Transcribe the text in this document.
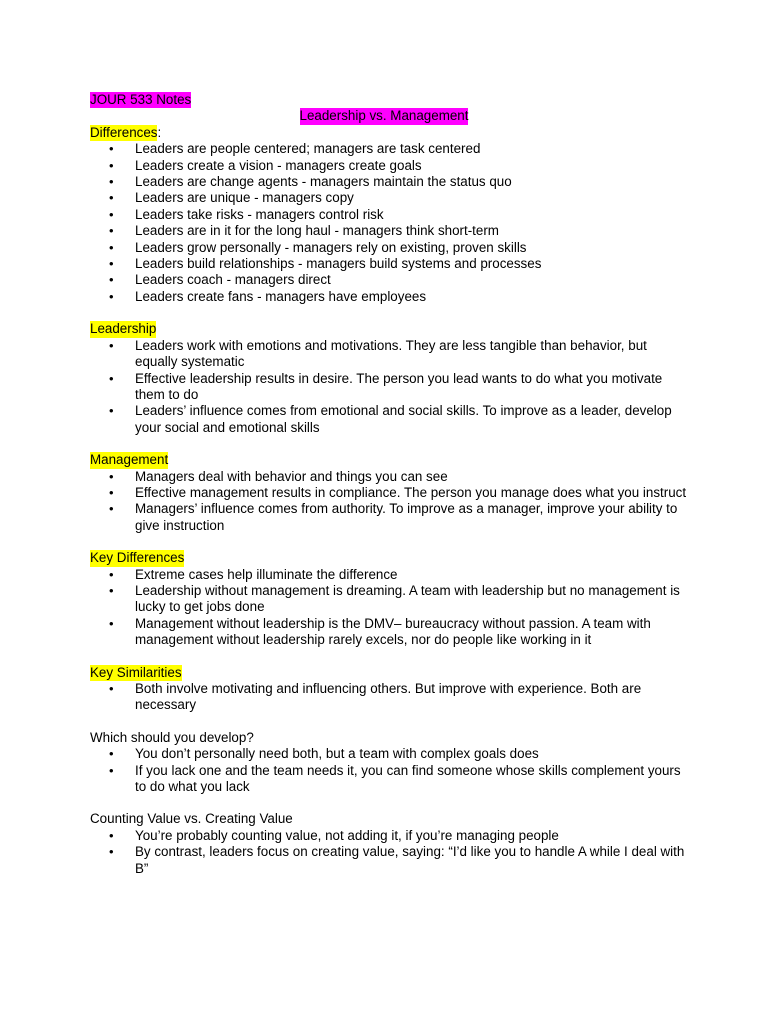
JOUR 533 Notes
Leadership vs. Management
Differences:
• Leaders are people centered; managers are task centered
• Leaders create a vision - managers create goals
• Leaders are change agents - managers maintain the status quo
• Leaders are unique - managers copy
• Leaders take risks - managers control risk
• Leaders are in it for the long haul - managers think short-term
• Leaders grow personally - managers rely on existing, proven skills
• Leaders build relationships - managers build systems and processes
• Leaders coach - managers direct
• Leaders create fans - managers have employees
Leadership
• Leaders work with emotions and motivations. They are less tangible than behavior, but equally systematic
• Effective leadership results in desire. The person you lead wants to do what you motivate them to do
• Leaders’ influence comes from emotional and social skills. To improve as a leader, develop your social and emotional skills
Management
• Managers deal with behavior and things you can see
• Effective management results in compliance. The person you manage does what you instruct
• Managers’ influence comes from authority. To improve as a manager, improve your ability to give instruction
Key Differences
• Extreme cases help illuminate the difference
• Leadership without management is dreaming. A team with leadership but no management is lucky to get jobs done
• Management without leadership is the DMV– bureaucracy without passion. A team with management without leadership rarely excels, nor do people like working in it
Key Similarities
• Both involve motivating and influencing others. But improve with experience. Both are necessary
Which should you develop?
• You don’t personally need both, but a team with complex goals does
• If you lack one and the team needs it, you can find someone whose skills complement yours to do what you lack
Counting Value vs. Creating Value
• You’re probably counting value, not adding it, if you’re managing people
• By contrast, leaders focus on creating value, saying: “I’d like you to handle A while I deal with B”
